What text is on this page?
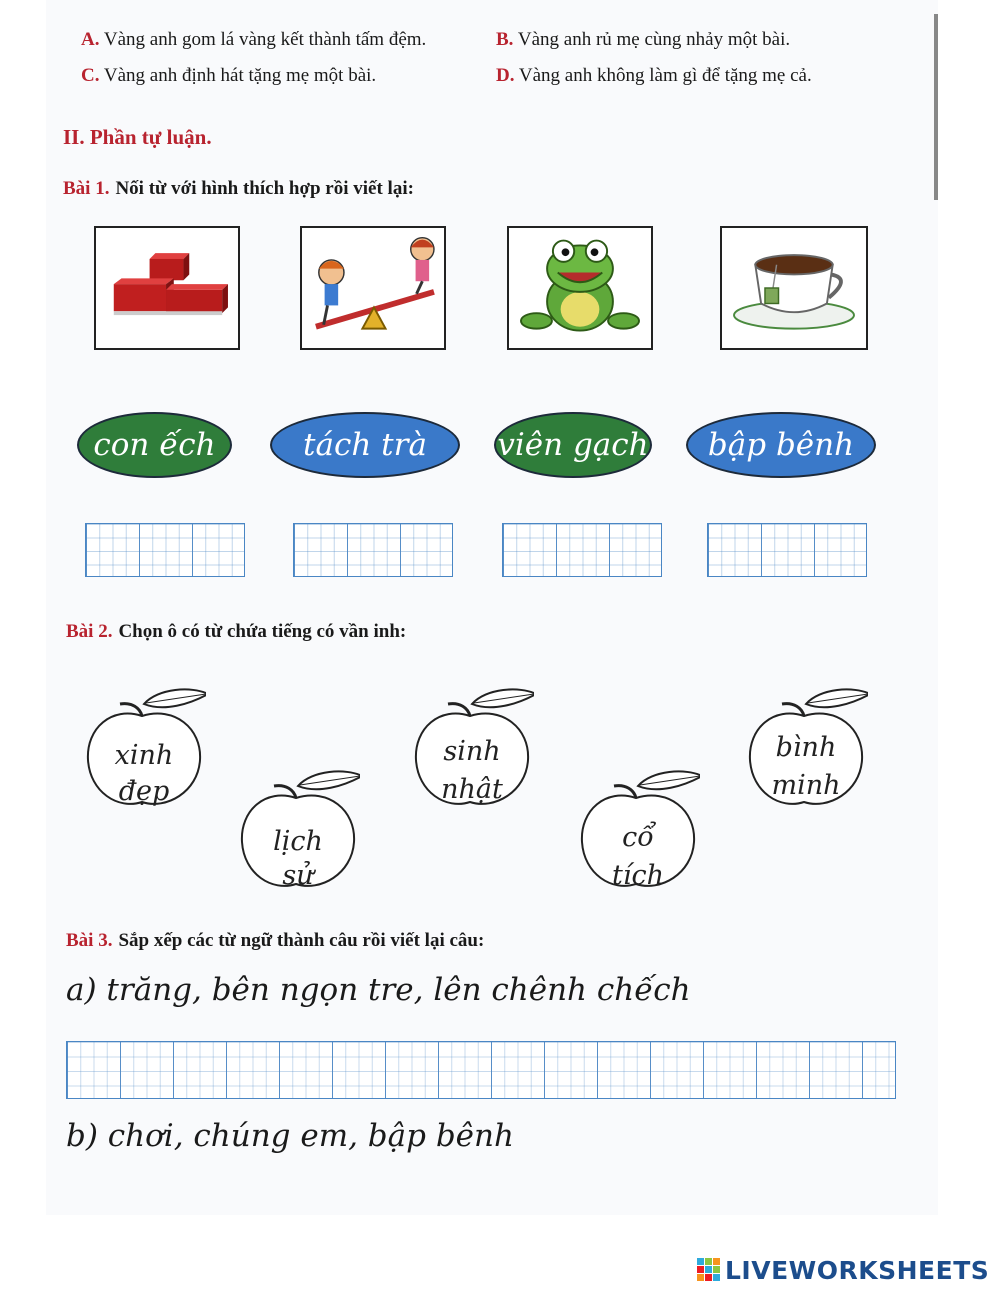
A. Vàng anh gom lá vàng kết thành tấm đệm.	B. Vàng anh rủ mẹ cùng nhảy một bài.
C. Vàng anh định hát tặng mẹ một bài.	D. Vàng anh không làm gì để tặng mẹ cả.
II. Phần tự luận.
Bài 1. Nối từ với hình thích hợp rồi viết lại:
con ếch	tách trà	viên gạch	bập bênh
Bài 2. Chọn ô có từ chứa tiếng có vần inh:
xinh
đẹp
lịch
sử
sinh
nhật
cổ
tích
bình
minh
Bài 3. Sắp xếp các từ ngữ thành câu rồi viết lại câu:
a) trăng, bên ngọn tre, lên chênh chếch
b) chơi, chúng em, bập bênh
LIVEWORKSHEETS
